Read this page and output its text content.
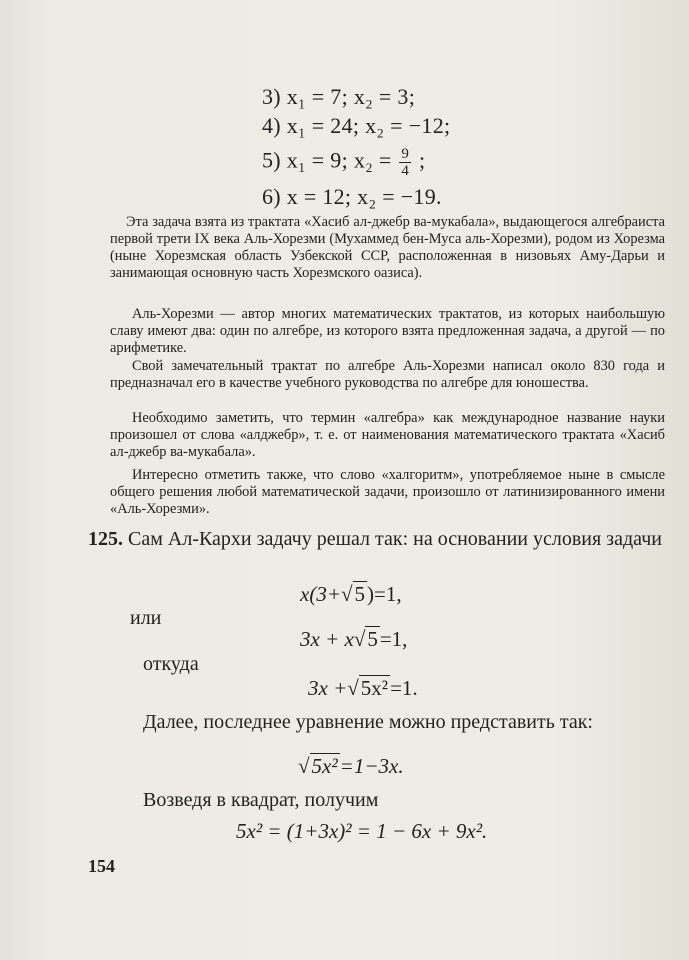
3) x₁ = 7; x₂ = 3;
4) x₁ = 24; x₂ = −12;
5) x₁ = 9; $x_2 = \frac{9}{4}$ ;
6) x = 12; x₂ = −19.
Эта задача взята из трактата «Хасиб ал-джебр ва-мукабала», выдающегося алгебраиста первой трети IX века Аль-Хорезми (Мухаммед бен-Муса аль-Хорезми), родом из Хорезма (ныне Хорезмская область Узбекской ССР, расположенная в низовьях Аму-Дарьи и занимающая основную часть Хорезмского оазиса).
Аль-Хорезми — автор многих математических трактатов, из которых наибольшую славу имеют два: один по алгебре, из которого взята предложенная задача, а другой — по арифметике.
Свой замечательный трактат по алгебре Аль-Хорезми написал около 830 года и предназначал его в качестве учебного руководства по алгебре для юношества.
Необходимо заметить, что термин «алгебра» как международное название науки произошел от слова «алджебр», т. е. от наименования математического трактата «Хасиб ал-джебр ва-мукабала».
Интересно отметить также, что слово «халгоритм», употребляемое ныне в смысле общего решения любой математической задачи, произошло от латинизированного имени «Аль-Хорезми».
125. Сам Ал-Кархи задачу решал так: на основании условия задачи
x(3+√5)=1,
или
3x + x√5=1,
откуда
3x +√5x²=1.
Далее, последнее уравнение можно представить так:
√5x²=1−3x.
Возведя в квадрат, получим
5x² = (1+3x)² = 1 − 6x + 9x².
154
